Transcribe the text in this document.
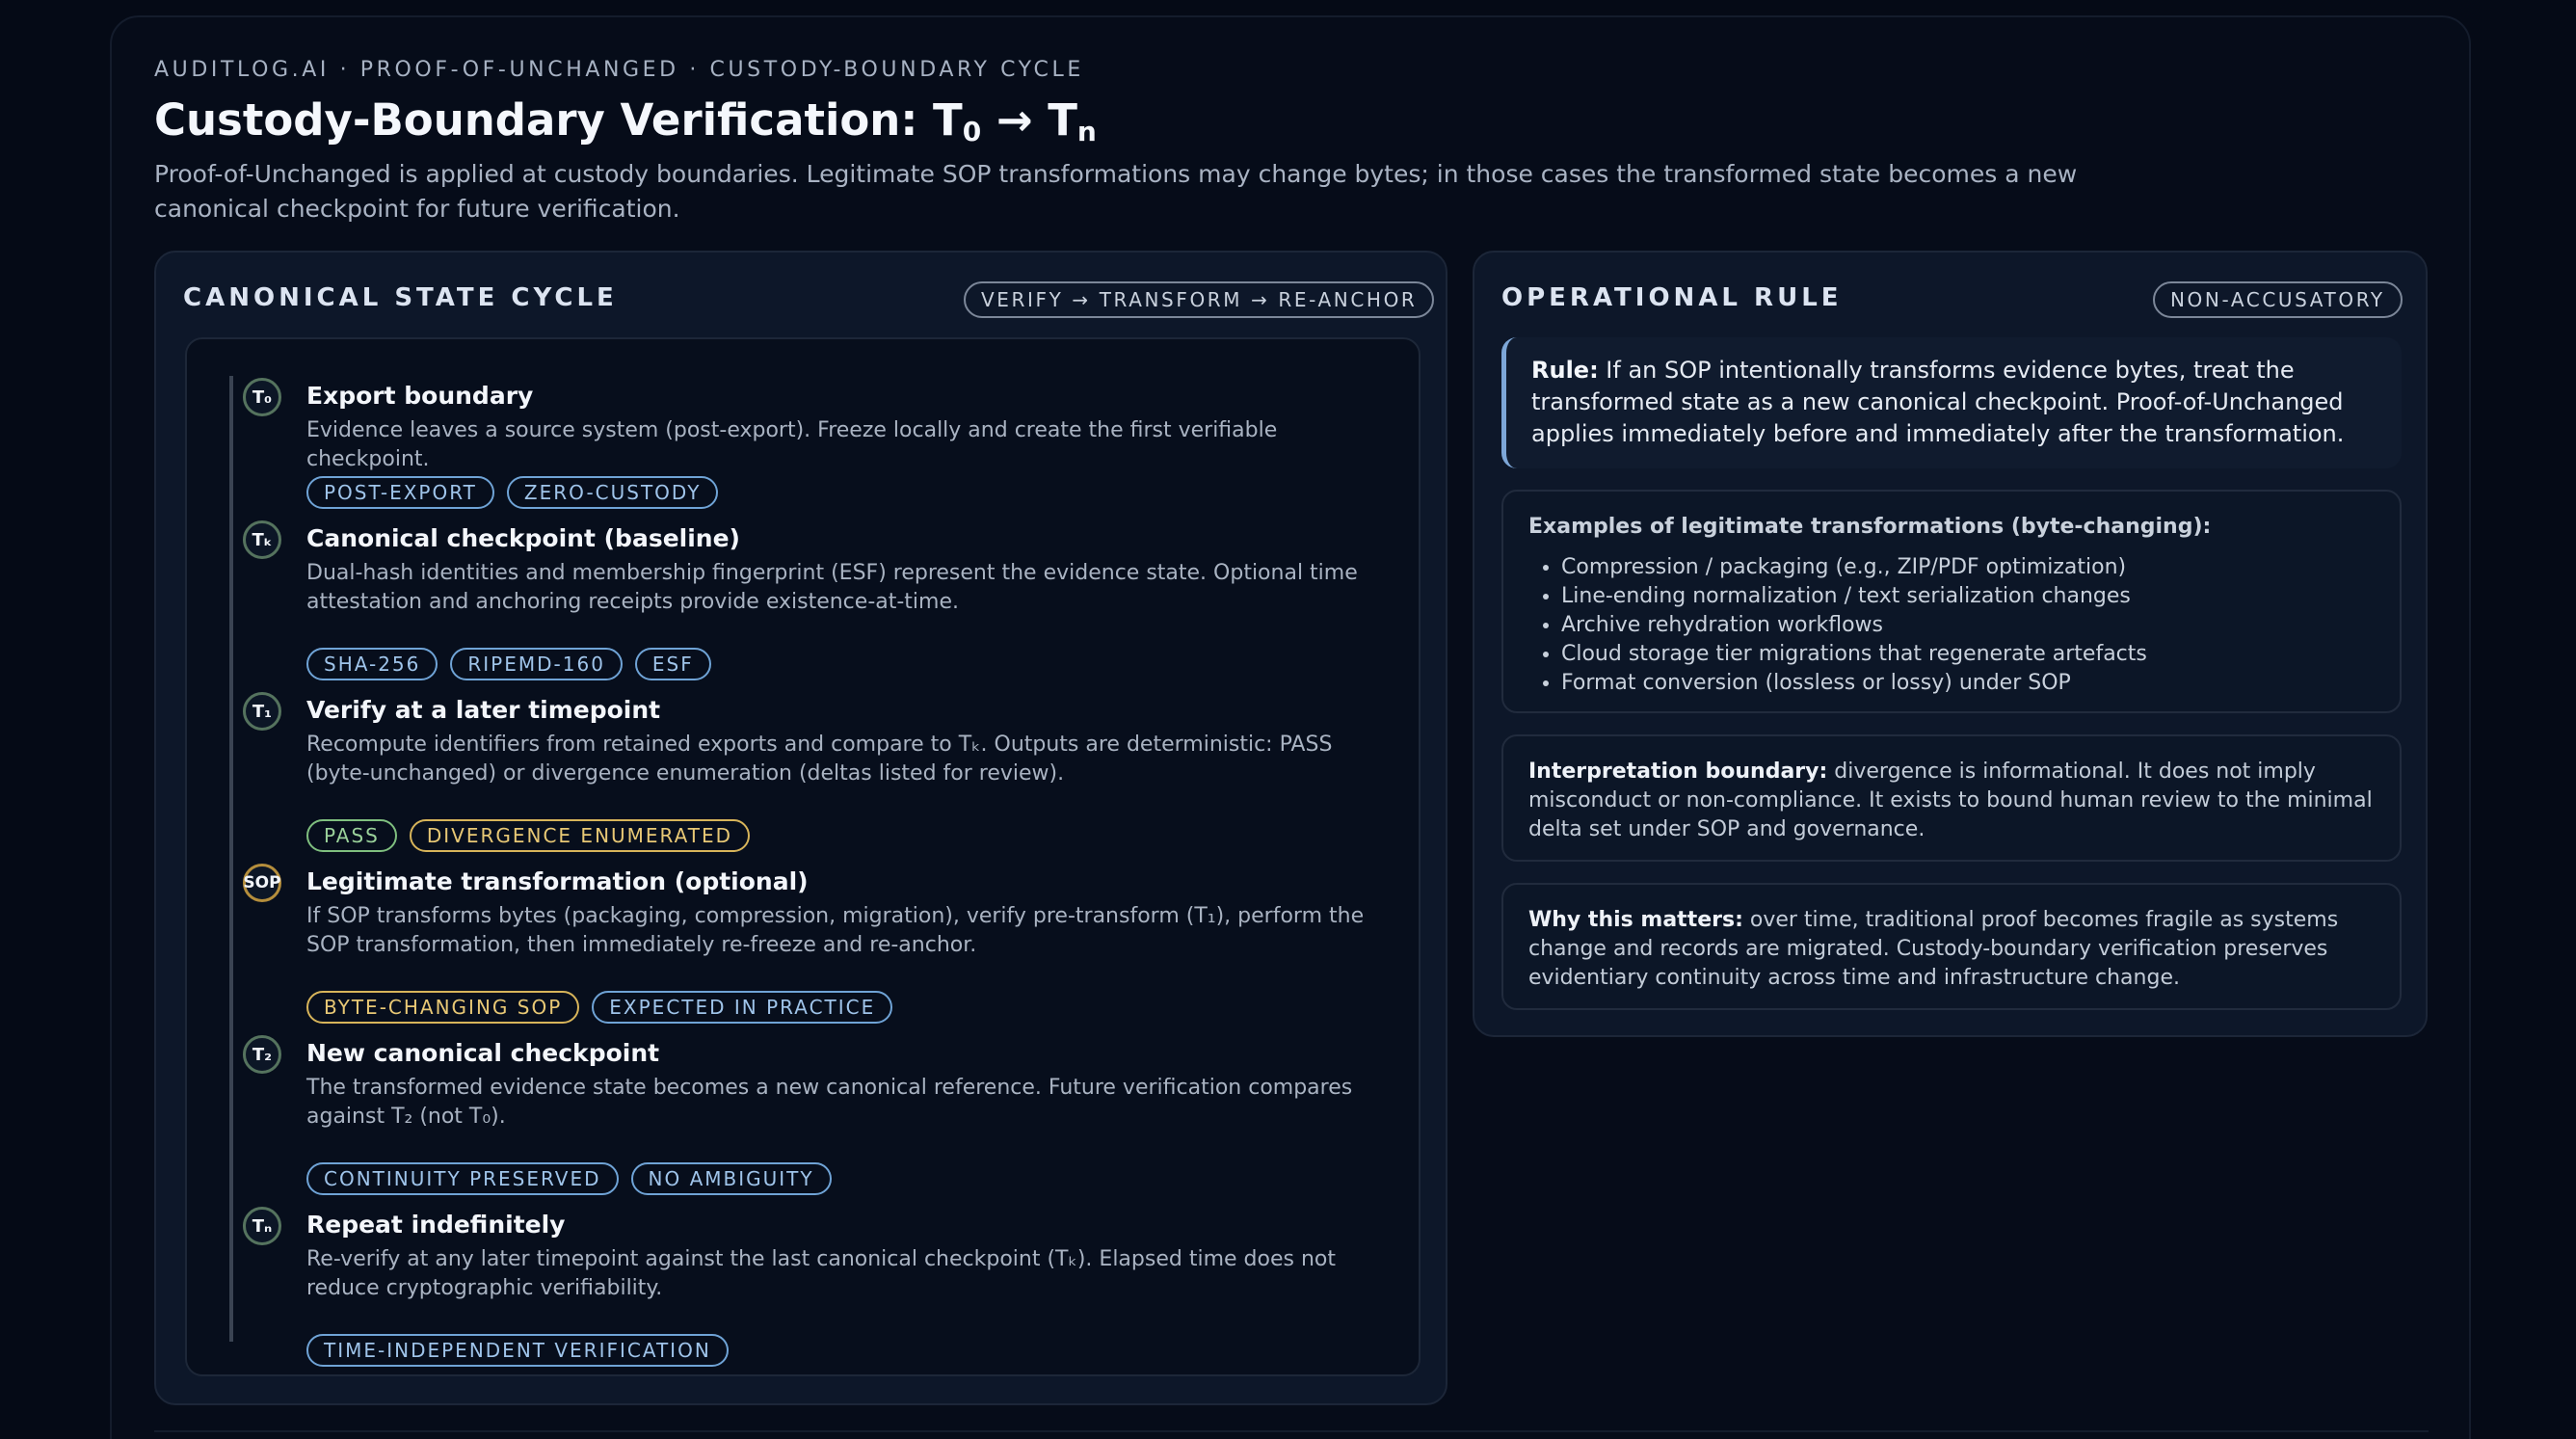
AUDITLOG.AI · PROOF-OF-UNCHANGED · CUSTODY-BOUNDARY CYCLE
Custody-Boundary Verification: $T_0 \to T_n$
Proof-of-Unchanged is applied at custody boundaries. Legitimate SOP transformations may change bytes; in those cases the transformed state becomes a new canonical checkpoint for future verification.
CANONICAL STATE CYCLE	VERIFY → TRANSFORM → RE-ANCHOR
T₀	Export boundary
Evidence leaves a source system (post-export). Freeze locally and create the first verifiable checkpoint.
POST-EXPORT	ZERO-CUSTODY
Tₖ	Canonical checkpoint (baseline)
Dual-hash identities and membership fingerprint (ESF) represent the evidence state. Optional time attestation and anchoring receipts provide existence-at-time.
SHA-256	RIPEMD-160	ESF
T₁	Verify at a later timepoint
Recompute identifiers from retained exports and compare to Tₖ. Outputs are deterministic: PASS (byte-unchanged) or divergence enumeration (deltas listed for review).
PASS	DIVERGENCE ENUMERATED
SOP Legitimate transformation (optional)
If SOP transforms bytes (packaging, compression, migration), verify pre-transform (T₁), perform the SOP transformation, then immediately re-freeze and re-anchor.
BYTE-CHANGING SOP	EXPECTED IN PRACTICE
T₂	New canonical checkpoint
The transformed evidence state becomes a new canonical reference. Future verification compares against T₂ (not T₀).
CONTINUITY PRESERVED	NO AMBIGUITY
Tₙ	Repeat indefinitely
Re-verify at any later timepoint against the last canonical checkpoint (Tₖ). Elapsed time does not reduce cryptographic verifiability.
TIME-INDEPENDENT VERIFICATION
OPERATIONAL RULE	NON-ACCUSATORY
Rule: If an SOP intentionally transforms evidence bytes, treat the transformed state as a new canonical checkpoint. Proof-of-Unchanged applies immediately before and immediately after the transformation.
Examples of legitimate transformations (byte-changing):
• Compression / packaging (e.g., ZIP/PDF optimization)
• Line-ending normalization / text serialization changes
• Archive rehydration workflows
• Cloud storage tier migrations that regenerate artefacts
• Format conversion (lossless or lossy) under SOP
Interpretation boundary: divergence is informational. It does not imply misconduct or non-compliance. It exists to bound human review to the minimal delta set under SOP and governance.
Why this matters: over time, traditional proof becomes fragile as systems change and records are migrated. Custody-boundary verification preserves evidentiary continuity across time and infrastructure change.
